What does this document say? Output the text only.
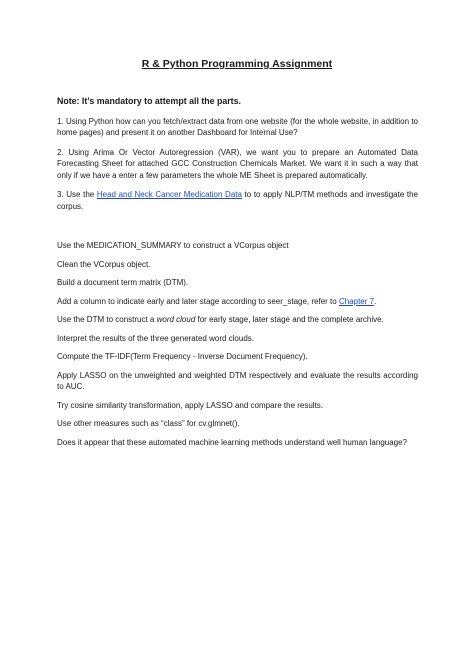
R & Python Programming Assignment

Note: It’s mandatory to attempt all the parts.

1. Using Python how can you fetch/extract data from one website (for the whole website, in addition to home pages) and present it on another Dashboard for Internal Use?

2. Using Arima Or Vector Autoregression (VAR), we want you to prepare an Automated Data Forecasting Sheet for attached GCC Construction Chemicals Market. We want it in such a way that only if we have a enter a few parameters the whole ME Sheet is prepared automatically.

3. Use the Head and Neck Cancer Medication Data to to apply NLP/TM methods and investigate the corpus.

Use the MEDICATION_SUMMARY to construct a VCorpus object

Clean the VCorpus object.

Build a document term matrix (DTM).

Add a column to indicate early and later stage according to seer_stage, refer to Chapter 7.

Use the DTM to construct a word cloud for early stage, later stage and the complete archive.

Interpret the results of the three generated word clouds.

Compute the TF-IDF(Term Frequency - Inverse Document Frequency).

Apply LASSO on the unweighted and weighted DTM respectively and evaluate the results according to AUC.

Try cosine similarity transformation, apply LASSO and compare the results.

Use other measures such as “class” for cv.glmnet().

Does it appear that these automated machine learning methods understand well human language?
